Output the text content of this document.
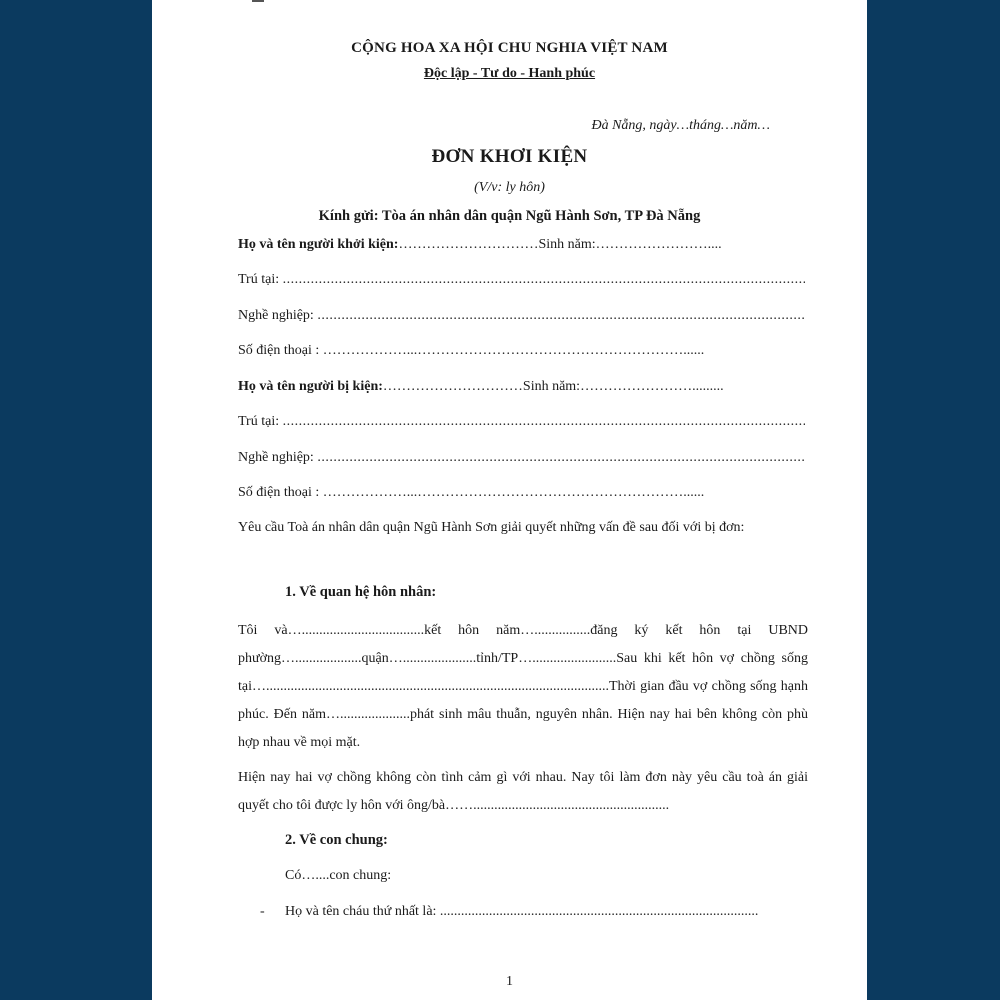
CỘNG HOA XA HỘI CHU NGHIA VIỆT NAM
Độc lập - Tư do - Hanh phúc
Đà Nẵng, ngày…tháng…năm…
ĐƠN KHƠI KIỆN
(V/v: ly hôn)
Kính gửi: Tòa án nhân dân quận Ngũ Hành Sơn, TP Đà Nẵng
Họ và tên người khởi kiện:…………………………Sinh năm:……………………....
Trú tại:

.....
Nghề nghiệp:

.....
Số điện thoại : ………………...…………………………………………………......
Họ và tên người bị kiện:…………………………Sinh năm:…………………….........
Trú tại:

.....
Nghề nghiệp:

.....
Số điện thoại : ………………...…………………………………………………......
Yêu cầu Toà án nhân dân quận Ngũ Hành Sơn giải quyết những vấn đề sau đối với bị đơn:
1. Về quan hệ hôn nhân:
Tôi và…...................................kết hôn năm…................đăng ký kết hôn tại UBND phường…...................quận….....................tỉnh/TP…........................Sau khi kết hôn vợ chồng sống tại…..................................................................................................Thời gian đầu vợ chồng sống hạnh phúc. Đến năm…....................phát sinh mâu thuẫn, nguyên nhân. Hiện nay hai bên không còn phù hợp nhau về mọi mặt.
Hiện nay hai vợ chồng không còn tình cảm gì với nhau. Nay tôi làm đơn này yêu cầu toà án giải quyết cho tôi được ly hôn với ông/bà……........................................................
2. Về con chung:
Có…....con chung:
- Họ và tên cháu thứ nhất là: ...........................................................................................
1
